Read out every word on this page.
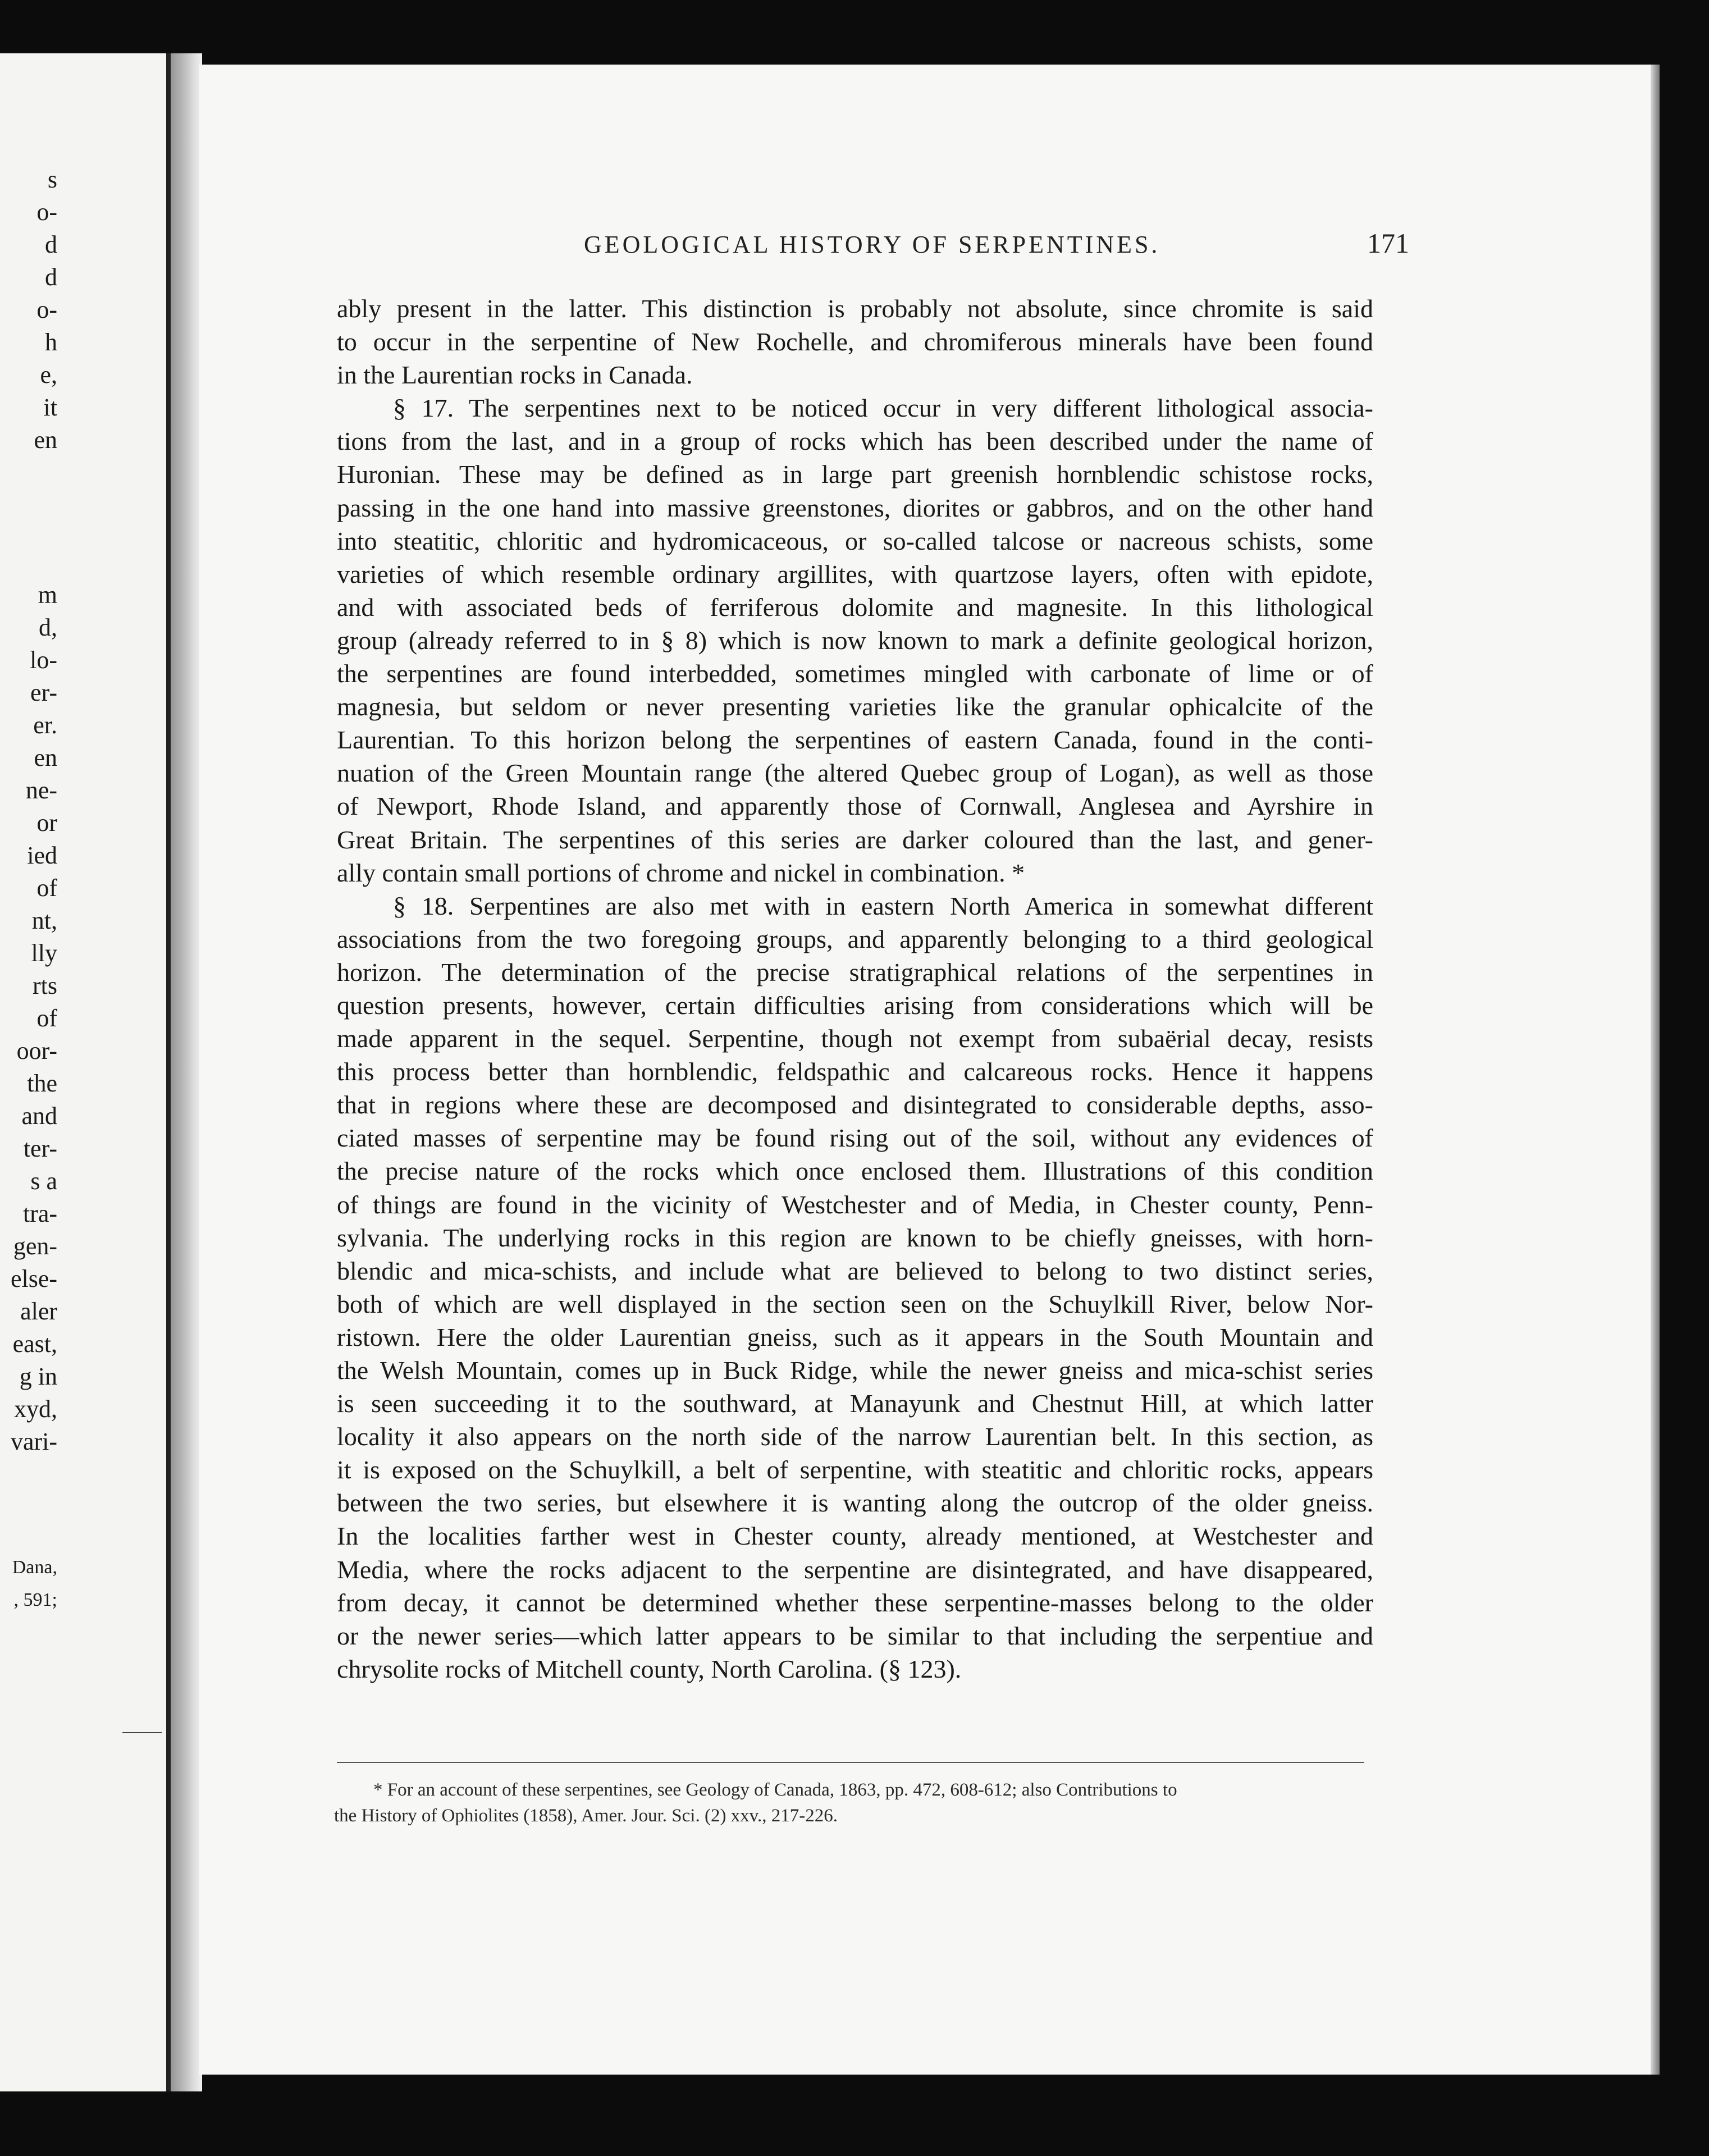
s
o-
d
d
o-
h
e,
it
en
m
d,
lo-
er-
er.
en
ne-
or
ied
of
nt,
lly
rts
of
oor-
the
and
ter-
s a
tra-
gen-
else-
aler
east,
g in
xyd,
vari-
Dana,
, 591;
GEOLOGICAL HISTORY OF SERPENTINES.	171
ably present in the latter. This distinction is probably not absolute, since chromite is said
to occur in the serpentine of New Rochelle, and chromiferous minerals have been found
in the Laurentian rocks in Canada.
§ 17. The serpentines next to be noticed occur in very different lithological associa-
tions from the last, and in a group of rocks which has been described under the name of
Huronian. These may be defined as in large part greenish hornblendic schistose rocks,
passing in the one hand into massive greenstones, diorites or gabbros, and on the other hand
into steatitic, chloritic and hydromicaceous, or so-called talcose or nacreous schists, some
varieties of which resemble ordinary argillites, with quartzose layers, often with epidote,
and with associated beds of ferriferous dolomite and magnesite. In this lithological
group (already referred to in § 8) which is now known to mark a definite geological horizon,
the serpentines are found interbedded, sometimes mingled with carbonate of lime or of
magnesia, but seldom or never presenting varieties like the granular ophicalcite of the
Laurentian. To this horizon belong the serpentines of eastern Canada, found in the conti-
nuation of the Green Mountain range (the altered Quebec group of Logan), as well as those
of Newport, Rhode Island, and apparently those of Cornwall, Anglesea and Ayrshire in
Great Britain. The serpentines of this series are darker coloured than the last, and gener-
ally contain small portions of chrome and nickel in combination. *
§ 18. Serpentines are also met with in eastern North America in somewhat different
associations from the two foregoing groups, and apparently belonging to a third geological
horizon. The determination of the precise stratigraphical relations of the serpentines in
question presents, however, certain difficulties arising from considerations which will be
made apparent in the sequel. Serpentine, though not exempt from subaërial decay, resists
this process better than hornblendic, feldspathic and calcareous rocks. Hence it happens
that in regions where these are decomposed and disintegrated to considerable depths, asso-
ciated masses of serpentine may be found rising out of the soil, without any evidences of
the precise nature of the rocks which once enclosed them. Illustrations of this condition
of things are found in the vicinity of Westchester and of Media, in Chester county, Penn-
sylvania. The underlying rocks in this region are known to be chiefly gneisses, with horn-
blendic and mica-schists, and include what are believed to belong to two distinct series,
both of which are well displayed in the section seen on the Schuylkill River, below Nor-
ristown. Here the older Laurentian gneiss, such as it appears in the South Mountain and
the Welsh Mountain, comes up in Buck Ridge, while the newer gneiss and mica-schist series
is seen succeeding it to the southward, at Manayunk and Chestnut Hill, at which latter
locality it also appears on the north side of the narrow Laurentian belt. In this section, as
it is exposed on the Schuylkill, a belt of serpentine, with steatitic and chloritic rocks, appears
between the two series, but elsewhere it is wanting along the outcrop of the older gneiss.
In the localities farther west in Chester county, already mentioned, at Westchester and
Media, where the rocks adjacent to the serpentine are disintegrated, and have disappeared,
from decay, it cannot be determined whether these serpentine-masses belong to the older
or the newer series—which latter appears to be similar to that including the serpentiue and
chrysolite rocks of Mitchell county, North Carolina. (§ 123).
* For an account of these serpentines, see Geology of Canada, 1863, pp. 472, 608-612; also Contributions to
the History of Ophiolites (1858), Amer. Jour. Sci. (2) xxv., 217-226.
